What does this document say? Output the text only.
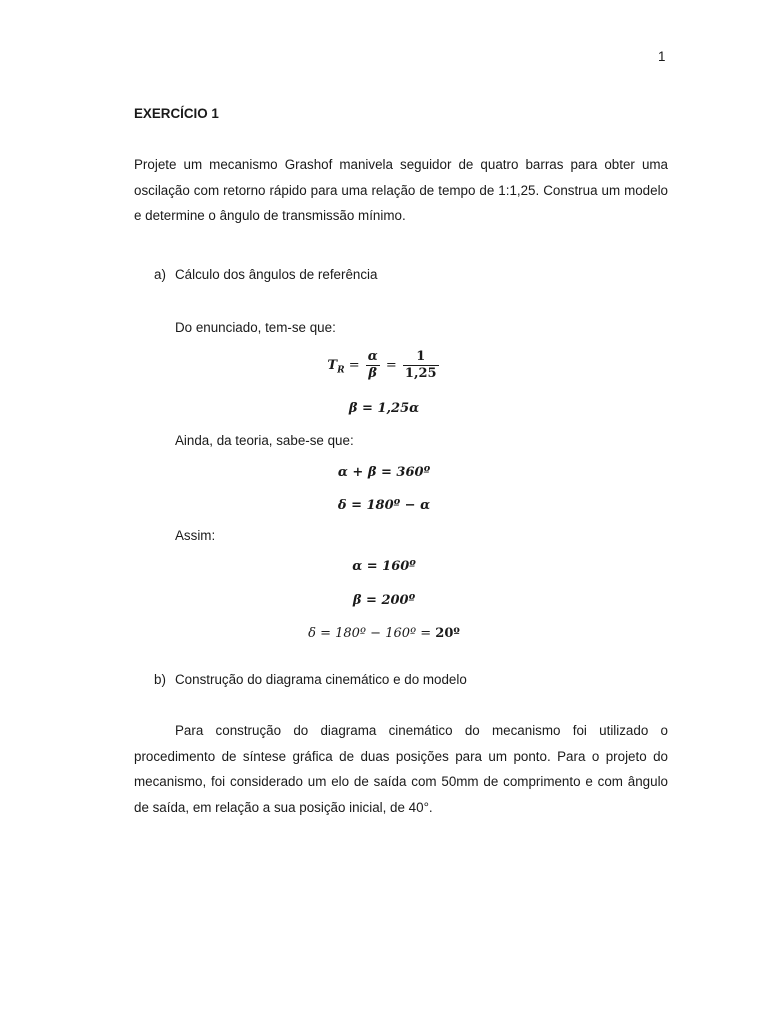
1
EXERCÍCIO 1
Projete um mecanismo Grashof manivela seguidor de quatro barras para obter uma oscilação com retorno rápido para uma relação de tempo de 1:1,25. Construa um modelo e determine o ângulo de transmissão mínimo.
a) Cálculo dos ângulos de referência
Do enunciado, tem-se que:
$T_R = \frac{\alpha}{\beta} = \frac{1}{1,25}$
β = 1,25α
Ainda, da teoria, sabe-se que:
α + β = 360º
δ = 180º − α
Assim:
α = 160º
β = 200º
δ = 180º − 160º = 20º
b) Construção do diagrama cinemático e do modelo
Para construção do diagrama cinemático do mecanismo foi utilizado o procedimento de síntese gráfica de duas posições para um ponto. Para o projeto do mecanismo, foi considerado um elo de saída com 50mm de comprimento e com ângulo de saída, em relação a sua posição inicial, de 40°.
